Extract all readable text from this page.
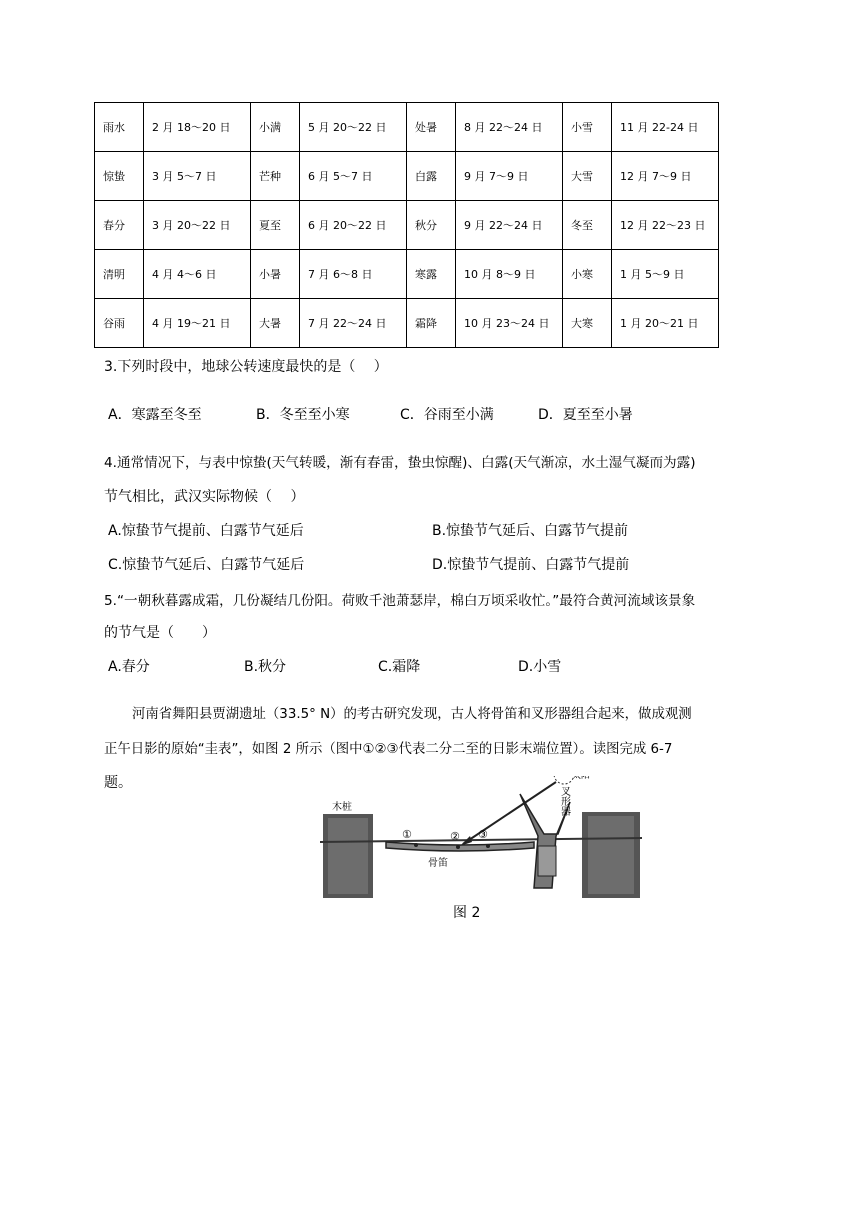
雨水	2 月 18～20 日	小满	5 月 20～22 日	处暑	8 月 22～24 日	小雪	11 月 22-24 日
惊蛰	3 月 5～7 日	芒种	6 月 5～7 日	白露	9 月 7～9 日	大雪	12 月 7～9 日
春分	3 月 20～22 日	夏至	6 月 20～22 日	秋分	9 月 22～24 日	冬至	12 月 22～23 日
清明	4 月 4～6 日	小暑	7 月 6～8 日	寒露	10 月 8～9 日	小寒	1 月 5～9 日
谷雨	4 月 19～21 日	大暑	7 月 22～24 日	霜降	10 月 23～24 日	大寒	1 月 20～21 日
3.下列时段中，地球公转速度最快的是（　 ）
A．寒露至冬至	B．冬至至小寒	C．谷雨至小满	D．夏至至小暑
4.通常情况下，与表中惊蛰(天气转暖，渐有春雷，蛰虫惊醒)、白露(天气渐凉，水土湿气凝而为露)
节气相比，武汉实际物候（　 ）
A.惊蛰节气提前、白露节气延后	B.惊蛰节气延后、白露节气提前
C.惊蛰节气延后、白露节气延后	D.惊蛰节气提前、白露节气提前
5.“一朝秋暮露成霜，几份凝结几份阳。荷败千池萧瑟岸，棉白万顷采收忙。”最符合黄河流域该景象
的节气是（　　）
A.春分	B.秋分	C.霜降	D.小雪
河南省舞阳县贾湖遗址（33.5° N）的考古研究发现，古人将骨笛和叉形器组合起来，做成观测
正午日影的原始“圭表”，如图 2 所示（图中①②③代表二分二至的日影末端位置）。读图完成 6-7
题。
木桩
①	② ③
骨笛
太阳
叉形器
图 2
